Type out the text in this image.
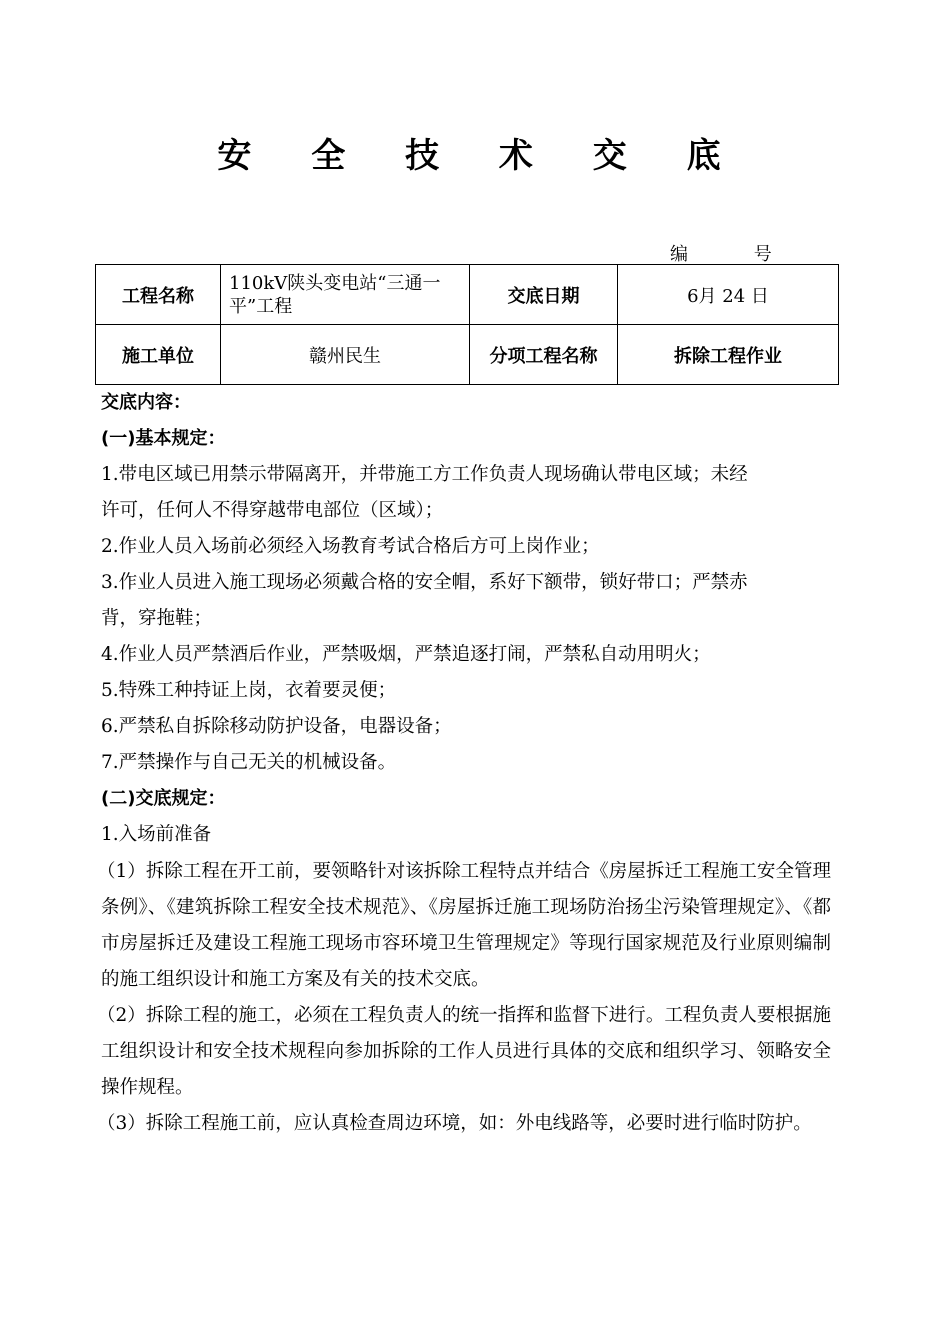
安 全 技 术 交 底
编 号
工程名称	110kV陕头变电站“三通一平”工程	交底日期	6月 24 日
施工单位	赣州民生	分项工程名称	拆除工程作业
交底内容：
(一)基本规定：
1.带电区域已用禁示带隔离开，并带施工方工作负责人现场确认带电区域；未经
许可，任何人不得穿越带电部位（区域）；
2.作业人员入场前必须经入场教育考试合格后方可上岗作业；
3.作业人员进入施工现场必须戴合格的安全帽，系好下额带，锁好带口；严禁赤
背，穿拖鞋；
4.作业人员严禁酒后作业，严禁吸烟，严禁追逐打闹，严禁私自动用明火；
5.特殊工种持证上岗，衣着要灵便；
6.严禁私自拆除移动防护设备，电器设备；
7.严禁操作与自己无关的机械设备。
(二)交底规定：
1.入场前准备
（1）拆除工程在开工前，要领略针对该拆除工程特点并结合《房屋拆迁工程施工安全管理条例》、《建筑拆除工程安全技术规范》、《房屋拆迁施工现场防治扬尘污染管理规定》、《都市房屋拆迁及建设工程施工现场市容环境卫生管理规定》等现行国家规范及行业原则编制的施工组织设计和施工方案及有关的技术交底。
（2）拆除工程的施工，必须在工程负责人的统一指挥和监督下进行。工程负责人要根据施工组织设计和安全技术规程向参加拆除的工作人员进行具体的交底和组织学习、领略安全操作规程。
（3）拆除工程施工前，应认真检查周边环境，如：外电线路等，必要时进行临时防护。
